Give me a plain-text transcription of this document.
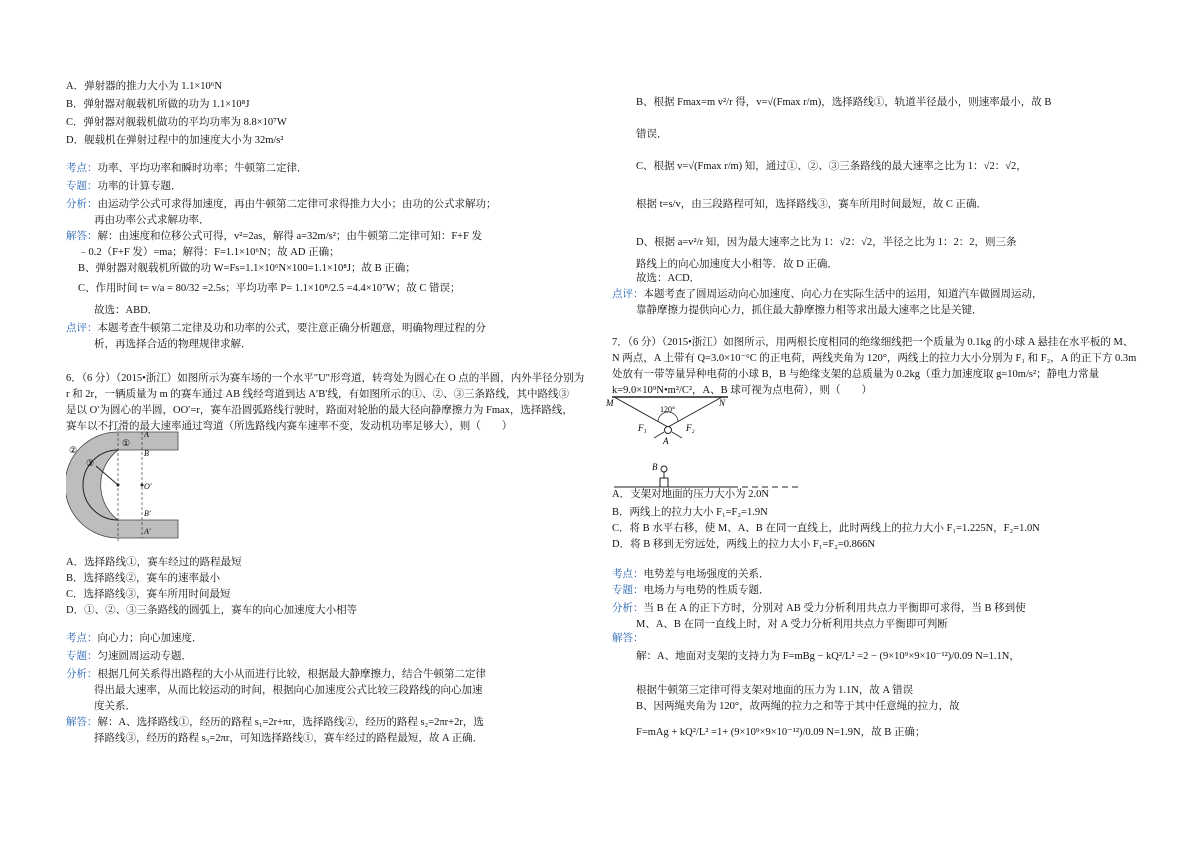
A
B
O′
B′
A′
①
②
③
M	N
120°
F₁	F₂
A
B
A．弹射器的推力大小为 1.1×10⁶N
B．弹射器对舰载机所做的功为 1.1×10⁸J
C．弹射器对舰载机做功的平均功率为 8.8×10⁷W
D．舰载机在弹射过程中的加速度大小为 32m/s²
考点：功率、平均功率和瞬时功率；牛顿第二定律．
专题：功率的计算专题．
分析：由运动学公式可求得加速度，再由牛顿第二定律可求得推力大小；由功的公式求解功；
再由功率公式求解功率．
解答：解：由速度和位移公式可得，v²=2as，解得 a=32m/s²；由牛顿第二定律可知：F+F 发
﹣0.2（F+F 发）=ma；解得：F=1.1×10⁶N；故 AD 正确；
B、弹射器对舰载机所做的功 W=Fs=1.1×10⁶N×100=1.1×10⁸J；故 B 正确；
C、作用时间 t= v/a = 80/32 =2.5s；平均功率 P= 1.1×10⁸/2.5 =4.4×10⁷W；故 C 错误；
故选：ABD．
点评：本题考查牛顿第二定律及功和功率的公式，要注意正确分析题意，明确物理过程的分
析，再选择合适的物理规律求解．
6．（6 分）（2015•浙江）如图所示为赛车场的一个水平"U"形弯道，转弯处为圆心在 O 点的半圆，内外半径分别为
r 和 2r，一辆质量为 m 的赛车通过 AB 线经弯道到达 A′B′线，有如图所示的①、②、③三条路线，其中路线③
是以 O′为圆心的半圆，OO′=r，赛车沿圆弧路线行驶时，路面对轮胎的最大径向静摩擦力为 Fmax，选择路线，
赛车以不打滑的最大速率通过弯道（所选路线内赛车速率不变，发动机功率足够大），则（　　）
A．选择路线①，赛车经过的路程最短
B．选择路线②，赛车的速率最小
C．选择路线③，赛车所用时间最短
D．①、②、③三条路线的圆弧上，赛车的向心加速度大小相等
考点：向心力；向心加速度．
专题：匀速圆周运动专题．
分析：根据几何关系得出路程的大小从而进行比较，根据最大静摩擦力，结合牛顿第二定律
得出最大速率，从而比较运动的时间，根据向心加速度公式比较三段路线的向心加速
度关系．
解答：解：A、选择路线①，经历的路程 s₁=2r+πr，选择路线②，经历的路程 s₂=2πr+2r，选
择路线③，经历的路程 s₃=2πr，可知选择路线①，赛车经过的路程最短，故 A 正确．
B、根据 Fmax=m v²/r 得，v=√(Fmax r/m)，选择路线①，轨道半径最小，则速率最小，故 B
错误．
C、根据 v=√(Fmax r/m) 知，通过①、②、③三条路线的最大速率之比为 1：√2：√2，
根据 t=s/v，由三段路程可知，选择路线③，赛车所用时间最短，故 C 正确．
D、根据 a=v²/r 知，因为最大速率之比为 1：√2：√2，半径之比为 1：2：2，则三条
路线上的向心加速度大小相等．故 D 正确．
故选：ACD．
点评：本题考查了圆周运动向心加速度、向心力在实际生活中的运用，知道汽车做圆周运动，
靠静摩擦力提供向心力，抓住最大静摩擦力相等求出最大速率之比是关键．
7．（6 分）（2015•浙江）如图所示，用两根长度相同的绝缘细线把一个质量为 0.1kg 的小球 A 悬挂在水平板的 M、
N 两点，A 上带有 Q=3.0×10⁻⁶C 的正电荷，两线夹角为 120°，两线上的拉力大小分别为 F₁ 和 F₂，A 的正下方 0.3m
处放有一带等量异种电荷的小球 B，B 与绝缘支架的总质量为 0.2kg（重力加速度取 g=10m/s²；静电力常量
k=9.0×10⁹N•m²/C²，A、B 球可视为点电荷），则（　　）
A．支架对地面的压力大小为 2.0N
B．两线上的拉力大小 F₁=F₂=1.9N
C．将 B 水平右移，使 M、A、B 在同一直线上，此时两线上的拉力大小 F₁=1.225N，F₂=1.0N
D．将 B 移到无穷远处，两线上的拉力大小 F₁=F₂=0.866N
考点：电势差与电场强度的关系．
专题：电场力与电势的性质专题．
分析：当 B 在 A 的正下方时，分别对 AB 受力分析利用共点力平衡即可求得，当 B 移到使
M、A、B 在同一直线上时，对 A 受力分析利用共点力平衡即可判断
解答：
解：A、地面对支架的支持力为 F=mBg − kQ²/L² =2 − (9×10⁹×9×10⁻¹²)/0.09 N=1.1N，
根据牛顿第三定律可得支架对地面的压力为 1.1N，故 A 错误
B、因两绳夹角为 120°，故两绳的拉力之和等于其中任意绳的拉力，故
F=mAg + kQ²/L² =1+ (9×10⁹×9×10⁻¹²)/0.09 N=1.9N，故 B 正确；
